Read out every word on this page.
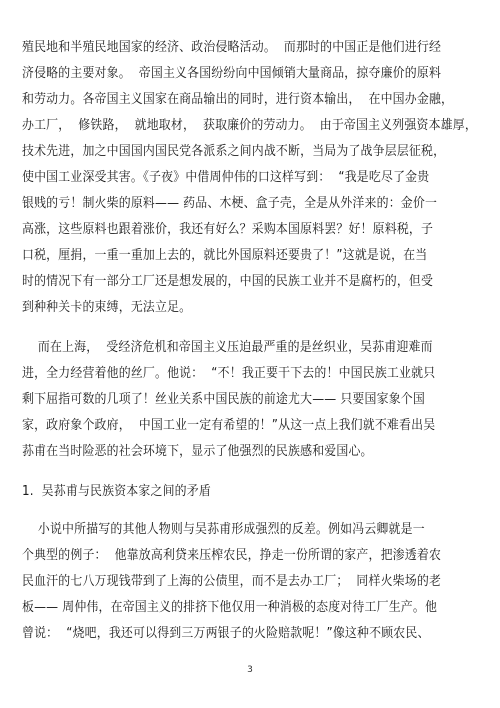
殖民地和半殖民地国家的经济、政治侵略活动。  而那时的中国正是他们进行经
济侵略的主要对象。  帝国主义各国纷纷向中国倾销大量商品，掠夺廉价的原料
和劳动力。各帝国主义国家在商品输出的同时，进行资本输出，  在中国办金融，
办工厂，  修铁路，  就地取材，  获取廉价的劳动力。  由于帝国主义列强资本雄厚，
技术先进，加之中国国内国民党各派系之间内战不断，当局为了战争层层征税，
使中国工业深受其害。《子夜》中借周仲伟的口这样写到：  “我是吃尽了金贵
银贱的亏！制火柴的原料—— 药品、木梗、盒子壳，全是从外洋来的：金价一
高涨，这些原料也跟着涨价，我还有好么？采购本国原料罢？好！原料税，子
口税，厘捐，一重一重加上去的，就比外国原料还要贵了！”这就是说，在当
时的情况下有一部分工厂还是想发展的，中国的民族工业并不是腐朽的，但受
到种种关卡的束缚，无法立足。
而在上海，  受经济危机和帝国主义压迫最严重的是丝织业，吴荪甫迎难而
进，全力经营着他的丝厂。他说：  “不！我正要干下去的！中国民族工业就只
剩下屈指可数的几项了！丝业关系中国民族的前途尤大—— 只要国家象个国
家，政府象个政府，  中国工业一定有希望的！”从这一点上我们就不难看出吴
荪甫在当时险恶的社会环境下，显示了他强烈的民族感和爱国心。
1.  吴荪甫与民族资本家之间的矛盾
小说中所描写的其他人物则与吴荪甫形成强烈的反差。例如冯云卿就是一
个典型的例子：  他靠放高利贷来压榨农民，挣走一份所谓的家产，把渗透着农
民血汗的七八万现钱带到了上海的公债里，而不是去办工厂；  同样火柴场的老
板—— 周仲伟，在帝国主义的排挤下他仅用一种消极的态度对待工厂生产。他
曾说：  “烧吧，我还可以得到三万两银子的火险赔款呢！”像这种不顾农民、
3
